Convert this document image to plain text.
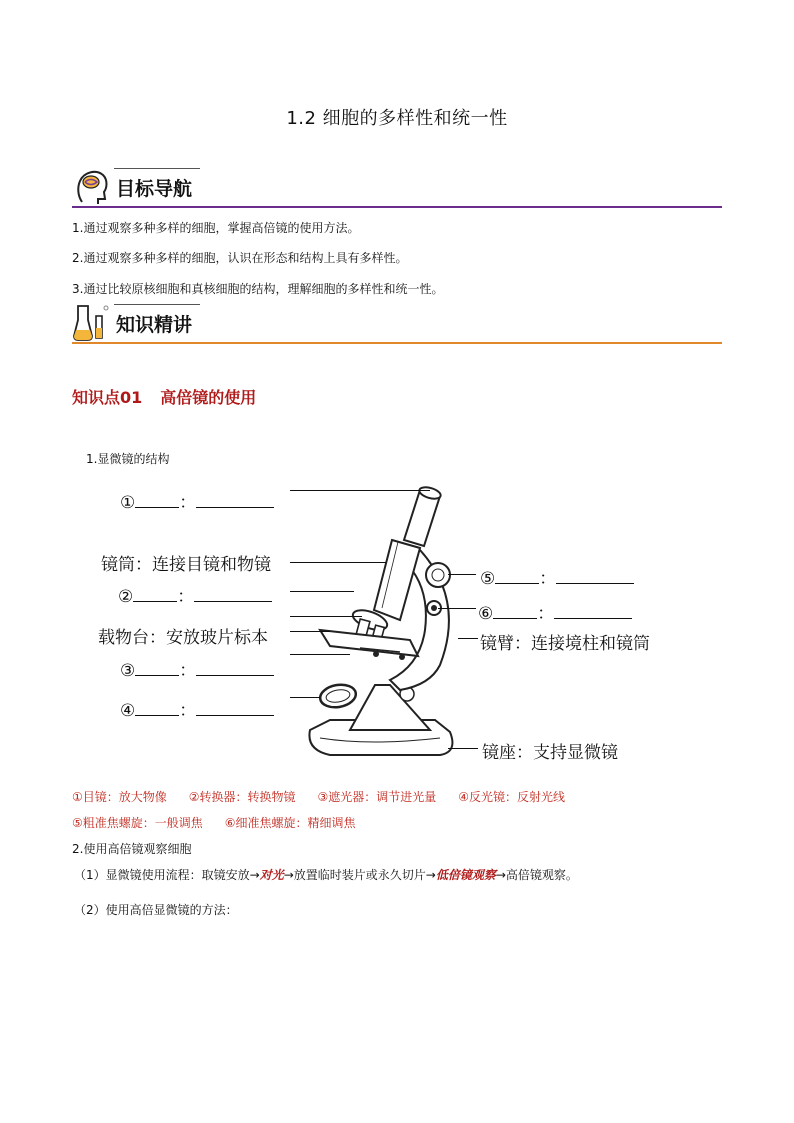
1.2 细胞的多样性和统一性
目标导航
1.通过观察多种多样的细胞，掌握高倍镜的使用方法。
2.通过观察多种多样的细胞，认识在形态和结构上具有多样性。
3.通过比较原核细胞和真核细胞的结构，理解细胞的多样性和统一性。
知识精讲
知识点01 高倍镜的使用
1.显微镜的结构
①	：
镜筒：连接目镜和物镜
②	：
载物台：安放玻片标本
③	：
④	：
⑤	：
⑥	：
镜臂：连接境柱和镜筒
镜座：支持显微镜
①目镜：放大物像 ②转换器：转换物镜 ③遮光器：调节进光量 ④反光镜：反射光线
⑤粗准焦螺旋：一般调焦 ⑥细准焦螺旋：精细调焦
2.使用高倍镜观察细胞
（1）显微镜使用流程：取镜安放→对光→放置临时装片或永久切片→低倍镜观察→高倍镜观察。
（2）使用高倍显微镜的方法：
